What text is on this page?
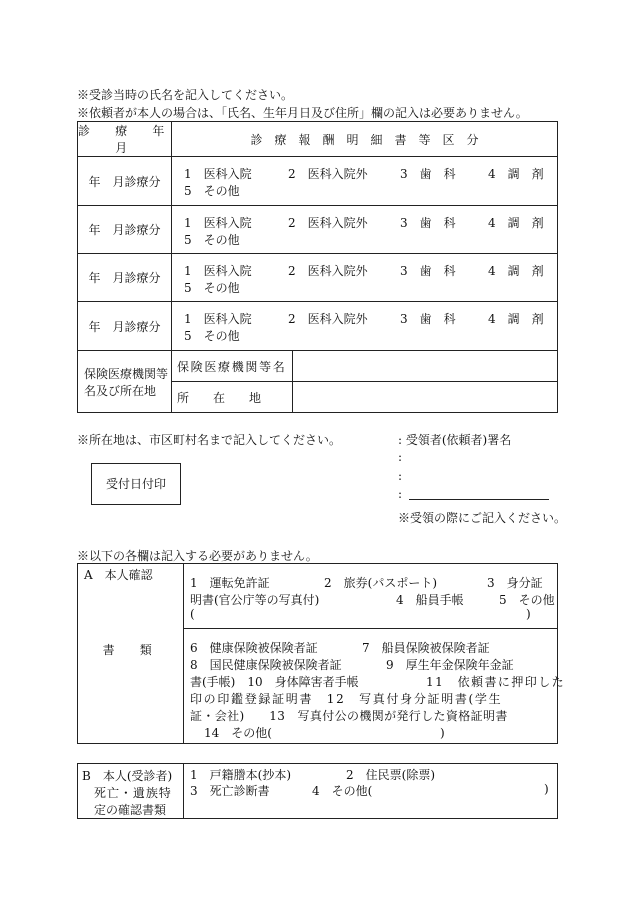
※受診当時の氏名を記入してください。
※依頼者が本人の場合は、「氏名、生年月日及び住所」欄の記入は必要ありません。
診　療　年　月	診　療　報　酬　明　細　書　等　区　分	
年　月診療分	1　医科入院 2　医科入院外 3　歯　科 4　調　剤
5　その他	

年　月診療分	1　医科入院 2　医科入院外 3　歯　科 4　調　剤
5　その他	

年　月診療分	1　医科入院 2　医科入院外 3　歯　科 4　調　剤
5　その他	

年　月診療分	1　医科入院 2　医科入院外 3　歯　科 4　調　剤
5　その他	

保険医療機関等
名及び所在地	保険医療機関等名	
	所　　在　　地	
※所在地は、市区町村名まで記入してください。	: 受領者(依頼者)署名
:
:
:
※受領の際にご記入ください。
受付日付印
※以下の各欄は記入する必要がありません。
A　本人確認
書　類

1　運転免許証	2　旅券(パスポート)	3　身分証
明書(官公庁等の写真付)	4　船員手帳	5　その他
(	)

6　健康保険被保険者証	7　船員保険被保険者証
8　国民健康保険被保険者証	9　厚生年金保険年金証
書(手帳)　10　身体障害者手帳	11　依頼書に押印した
印の印鑑登録証明書　12　写真付身分証明書(学生
証・会社)　　13　写真付公の機関が発行した資格証明書
14　その他(　　　　　　　　　　　　　　)
B　本人(受診者)
死亡・遺族特
定の確認書類

1　戸籍謄本(抄本)	2　住民票(除票)
3　死亡診断書	4　その他(	)
